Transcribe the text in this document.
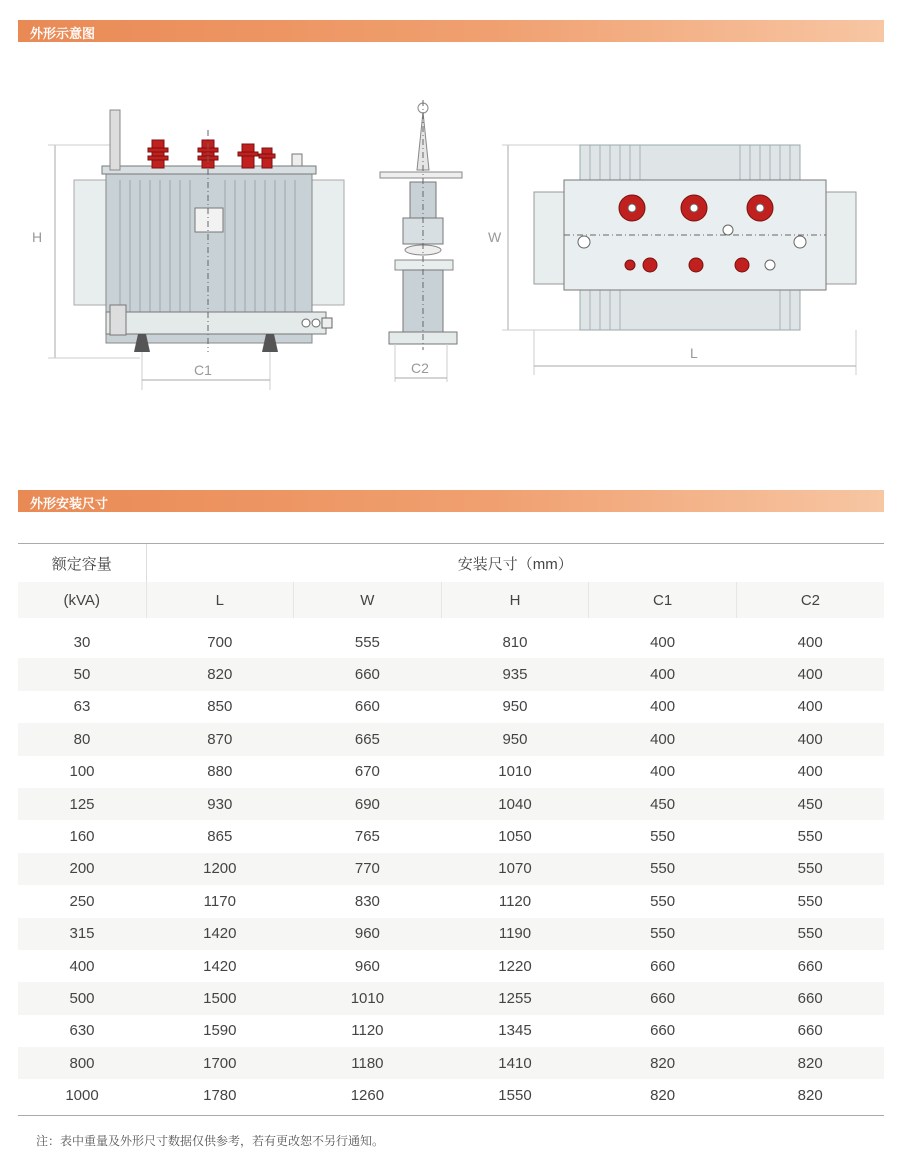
外形示意图
H
C1	C2
W
L
外形安装尺寸
额定容量	安装尺寸（mm）				
(kVA)	L	W	H	C1	C2
30	700	555	810	400	400
50	820	660	935	400	400
63	850	660	950	400	400
80	870	665	950	400	400
100	880	670	1010	400	400
125	930	690	1040	450	450
160	865	765	1050	550	550
200	1200	770	1070	550	550
250	1170	830	1120	550	550
315	1420	960	1190	550	550
400	1420	960	1220	660	660
500	1500	1010	1255	660	660
630	1590	1120	1345	660	660
800	1700	1180	1410	820	820
1000	1780	1260	1550	820	820
注：表中重量及外形尺寸数据仅供参考，若有更改恕不另行通知。
